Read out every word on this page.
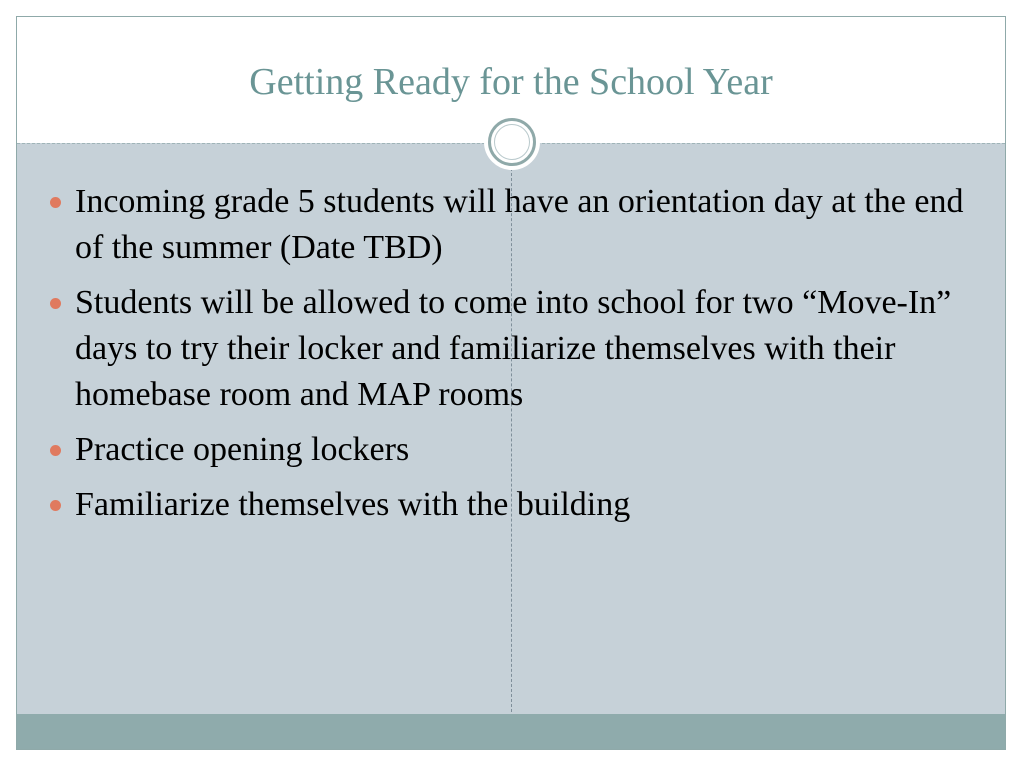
Getting Ready for the School Year
Incoming grade 5 students will have an orientation day at the end of the summer (Date TBD)
Students will be allowed to come into school for two “Move-In” days to try their locker and familiarize themselves with their homebase room and MAP rooms
Practice opening lockers
Familiarize themselves with the building
